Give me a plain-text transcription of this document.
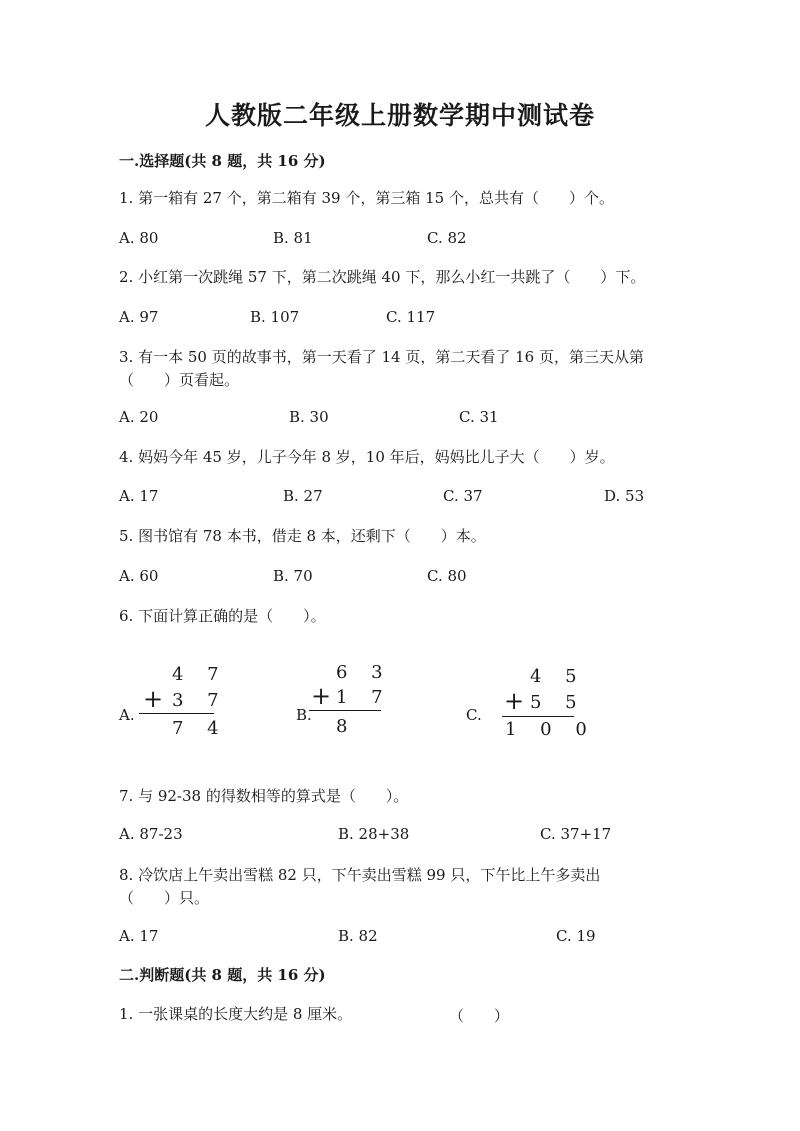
人教版二年级上册数学期中测试卷
一.选择题(共 8 题，共 16 分)
1. 第一箱有 27 个，第二箱有 39 个，第三箱 15 个，总共有（　　）个。
A. 80	B. 81	C. 82
2. 小红第一次跳绳 57 下，第二次跳绳 40 下，那么小红一共跳了（　　）下。
A. 97	B. 107	C. 117
3. 有一本 50 页的故事书，第一天看了 14 页，第二天看了 16 页，第三天从第
（　　）页看起。
A. 20	B. 30	C. 31
4. 妈妈今年 45 岁，儿子今年 8 岁，10 年后，妈妈比儿子大（　　）岁。
A. 17	B. 27	C. 37	D. 53
5. 图书馆有 78 本书，借走 8 本，还剩下（　　）本。
A. 60	B. 70	C. 80
6. 下面计算正确的是（　　）。
A.
4 7
+ 3 7
7 4
B.
6 3
+ 1 7
8
C.
4 5
+ 5 5
1 0 0
7. 与 92-38 的得数相等的算式是（　　）。
A. 87-23	B. 28+38	C. 37+17
8. 冷饮店上午卖出雪糕 82 只，下午卖出雪糕 99 只，下午比上午多卖出
（　　）只。
A. 17	B. 82	C. 19
二.判断题(共 8 题，共 16 分)
1. 一张课桌的长度大约是 8 厘米。	（　　）
